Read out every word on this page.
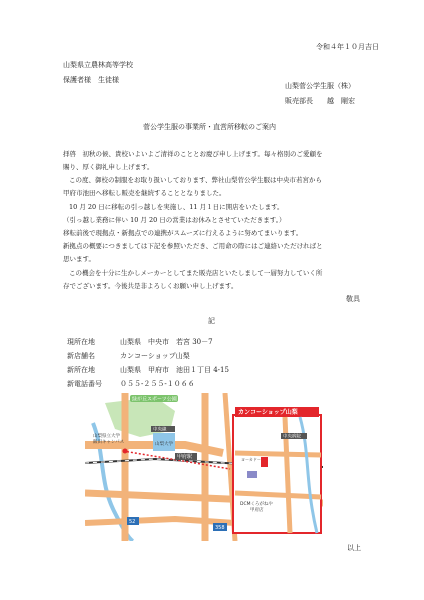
令和４年１０月吉日
山梨県立農林高等学校
保護者様　生徒様
山梨菅公学生服（株）
販売部長　　越　剛宏
菅公学生服の事業所・直営所移転のご案内
拝啓　初秋の候、貴校いよいよご清祥のこととお慶び申し上げます。毎々格別のご愛顧を
賜り、厚く御礼申し上げます。
この度、御校の制服をお取り扱いしております、弊社山梨菅公学生服は中央市若宮から
甲府市池田へ移転し販売を継続することとなりました。
10 月 20 日に移転の引っ越しを実施し、11 月１日に開店をいたします。
（引っ越し業務に伴い 10 月 20 日の営業はお休みとさせていただきます。）
移転前後で現拠点・新拠点での連携がスムーズに行えるように努めてまいります。
新拠点の概要につきましては下記を参照いただき、ご用命の際にはご連絡いただければと
思います。
この機会を十分に生かしメーカーとしてまた販売店といたしまして一層努力していく所
存でございます。今後共是非よろしくお願い申し上げます。
敬具
記
現所在地	山梨県　中央市　若宮 30－7
新店舗名	カンコーショップ山梨
新所在地	山梨県　甲府市　池田１丁目 4-15
新電話番号	０５５-２５５-１０６６
緑が丘スポーツ公園
山梨県立大学
飯田キャンパス
中央線
山梨大学
甲府駅
52
358
カンコーショップ山梨
中央病院
ヨーカドー
DCMくろがねや
甲府店
以上
